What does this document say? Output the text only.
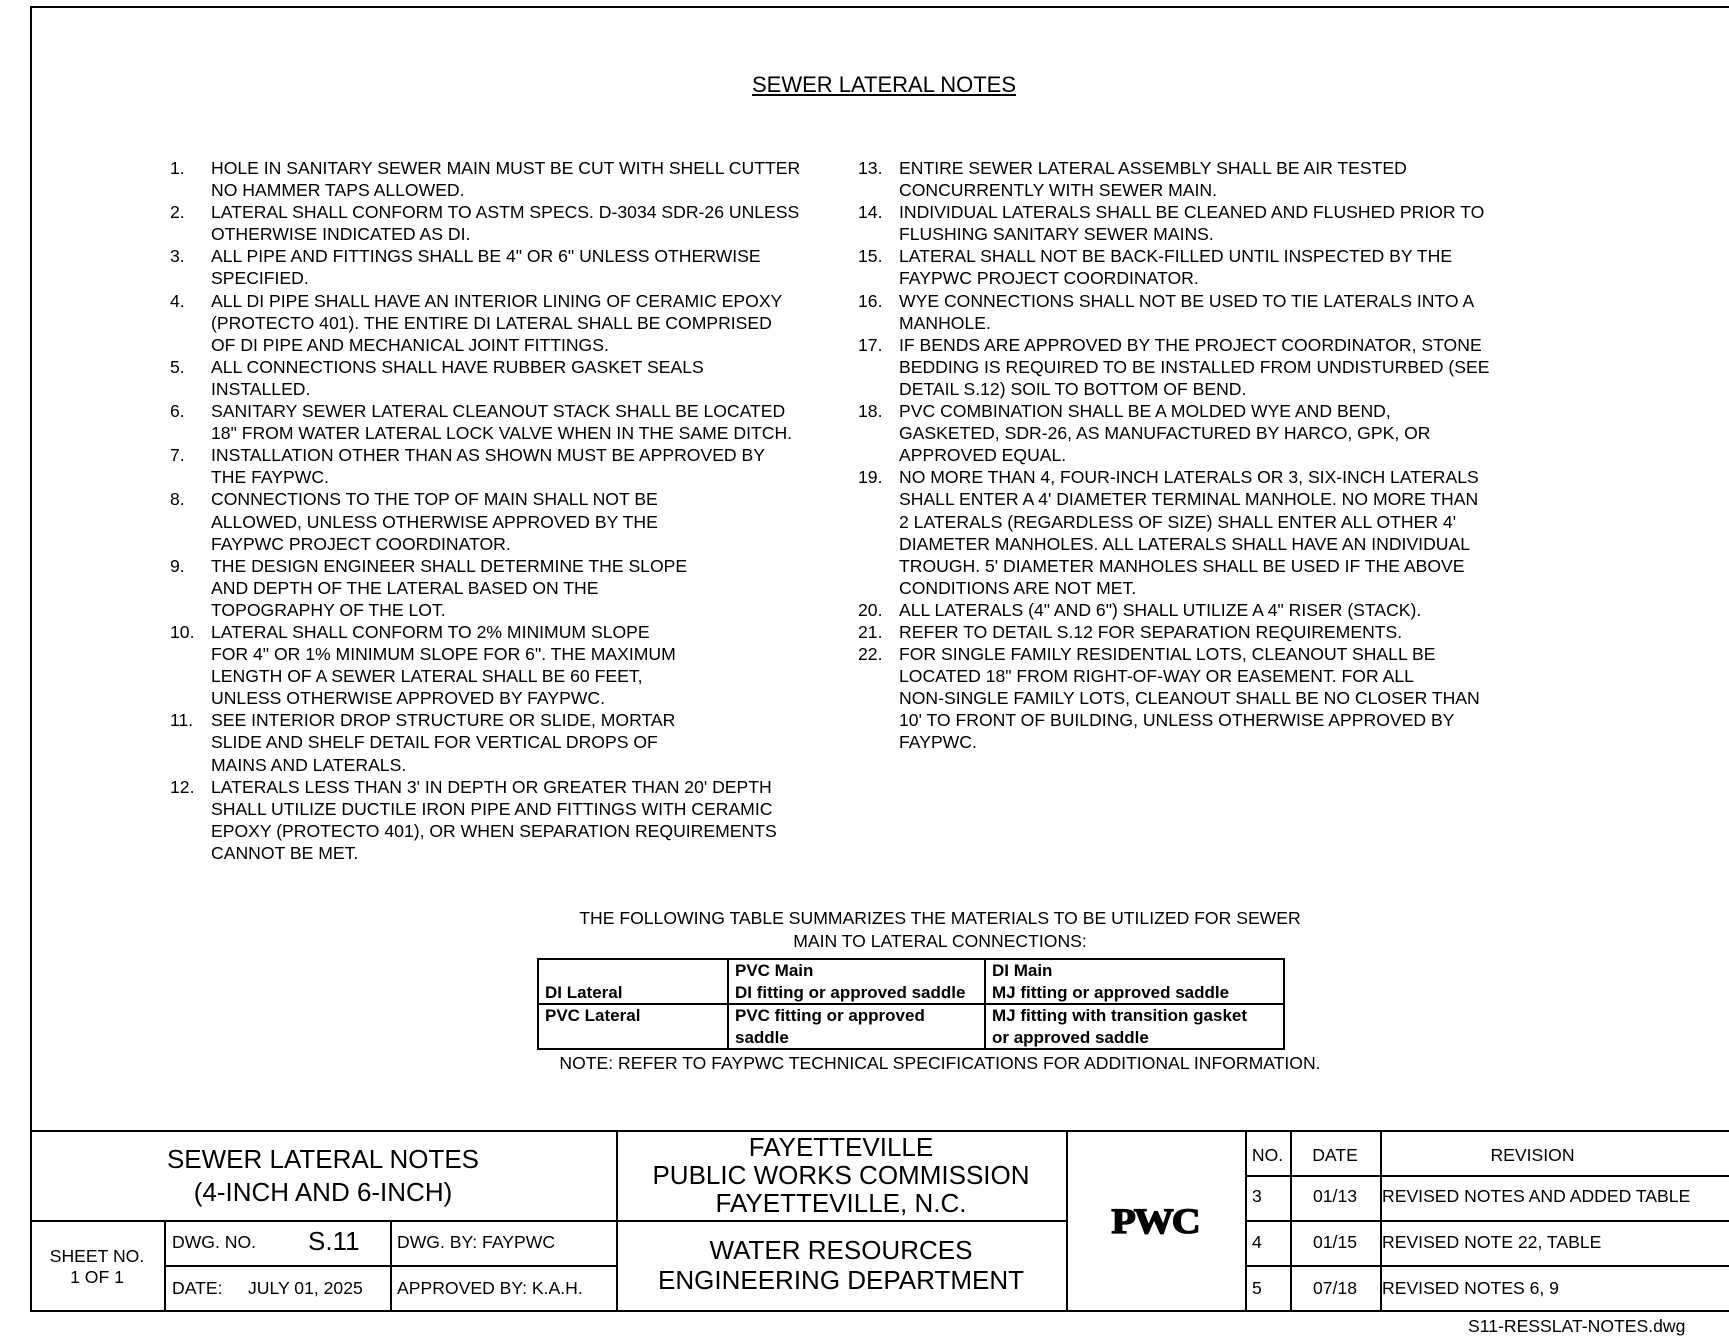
SEWER LATERAL NOTES
1.	HOLE IN SANITARY SEWER MAIN MUST BE CUT WITH SHELL CUTTER
NO HAMMER TAPS ALLOWED.
2.	LATERAL SHALL CONFORM TO ASTM SPECS. D-3034 SDR-26 UNLESS
OTHERWISE INDICATED AS DI.
3.	ALL PIPE AND FITTINGS SHALL BE 4" OR 6" UNLESS OTHERWISE
SPECIFIED.
4.	ALL DI PIPE SHALL HAVE AN INTERIOR LINING OF CERAMIC EPOXY
(PROTECTO 401). THE ENTIRE DI LATERAL SHALL BE COMPRISED
OF DI PIPE AND MECHANICAL JOINT FITTINGS.
5.	ALL CONNECTIONS SHALL HAVE RUBBER GASKET SEALS
INSTALLED.
6.	SANITARY SEWER LATERAL CLEANOUT STACK SHALL BE LOCATED
18" FROM WATER LATERAL LOCK VALVE WHEN IN THE SAME DITCH.
7.	INSTALLATION OTHER THAN AS SHOWN MUST BE APPROVED BY
THE FAYPWC.
8.	CONNECTIONS TO THE TOP OF MAIN SHALL NOT BE
ALLOWED, UNLESS OTHERWISE APPROVED BY THE
FAYPWC PROJECT COORDINATOR.
9.	THE DESIGN ENGINEER SHALL DETERMINE THE SLOPE
AND DEPTH OF THE LATERAL BASED ON THE
TOPOGRAPHY OF THE LOT.
10. LATERAL SHALL CONFORM TO 2% MINIMUM SLOPE
FOR 4" OR 1% MINIMUM SLOPE FOR 6". THE MAXIMUM
LENGTH OF A SEWER LATERAL SHALL BE 60 FEET,
UNLESS OTHERWISE APPROVED BY FAYPWC.
11.	SEE INTERIOR DROP STRUCTURE OR SLIDE, MORTAR
SLIDE AND SHELF DETAIL FOR VERTICAL DROPS OF
MAINS AND LATERALS.
12. LATERALS LESS THAN 3' IN DEPTH OR GREATER THAN 20' DEPTH
SHALL UTILIZE DUCTILE IRON PIPE AND FITTINGS WITH CERAMIC
EPOXY (PROTECTO 401), OR WHEN SEPARATION REQUIREMENTS
CANNOT BE MET.
13. ENTIRE SEWER LATERAL ASSEMBLY SHALL BE AIR TESTED
CONCURRENTLY WITH SEWER MAIN.
14. INDIVIDUAL LATERALS SHALL BE CLEANED AND FLUSHED PRIOR TO
FLUSHING SANITARY SEWER MAINS.
15. LATERAL SHALL NOT BE BACK-FILLED UNTIL INSPECTED BY THE
FAYPWC PROJECT COORDINATOR.
16. WYE CONNECTIONS SHALL NOT BE USED TO TIE LATERALS INTO A
MANHOLE.
17. IF BENDS ARE APPROVED BY THE PROJECT COORDINATOR, STONE
BEDDING IS REQUIRED TO BE INSTALLED FROM UNDISTURBED (SEE
DETAIL S.12) SOIL TO BOTTOM OF BEND.
18. PVC COMBINATION SHALL BE A MOLDED WYE AND BEND,
GASKETED, SDR-26, AS MANUFACTURED BY HARCO, GPK, OR
APPROVED EQUAL.
19. NO MORE THAN 4, FOUR-INCH LATERALS OR 3, SIX-INCH LATERALS
SHALL ENTER A 4' DIAMETER TERMINAL MANHOLE. NO MORE THAN
2 LATERALS (REGARDLESS OF SIZE) SHALL ENTER ALL OTHER 4'
DIAMETER MANHOLES. ALL LATERALS SHALL HAVE AN INDIVIDUAL
TROUGH. 5' DIAMETER MANHOLES SHALL BE USED IF THE ABOVE
CONDITIONS ARE NOT MET.
20. ALL LATERALS (4" AND 6") SHALL UTILIZE A 4" RISER (STACK).
21. REFER TO DETAIL S.12 FOR SEPARATION REQUIREMENTS.
22. FOR SINGLE FAMILY RESIDENTIAL LOTS, CLEANOUT SHALL BE
LOCATED 18" FROM RIGHT-OF-WAY OR EASEMENT. FOR ALL
NON-SINGLE FAMILY LOTS, CLEANOUT SHALL BE NO CLOSER THAN
10' TO FRONT OF BUILDING, UNLESS OTHERWISE APPROVED BY
FAYPWC.
THE FOLLOWING TABLE SUMMARIZES THE MATERIALS TO BE UTILIZED FOR SEWER
MAIN TO LATERAL CONNECTIONS:
	PVC Main	DI Main
DI Lateral	DI fitting or approved saddle	MJ fitting or approved saddle
PVC Lateral	PVC fitting or approved saddle	MJ fitting with transition gasket
or approved saddle
NOTE: REFER TO FAYPWC TECHNICAL SPECIFICATIONS FOR ADDITIONAL INFORMATION.
SEWER LATERAL NOTES
(4-INCH AND 6-INCH)
FAYETTEVILLE
PUBLIC WORKS COMMISSION
FAYETTEVILLE, N.C.
WATER RESOURCES
ENGINEERING DEPARTMENT
SHEET NO.
1 OF 1
DWG. NO. S.11 DWG. BY: FAYPWC
DATE: JULY 01, 2025 APPROVED BY: K.A.H.
PWC
NO.	DATE	REVISION
3	01/13	REVISED NOTES AND ADDED TABLE
4	01/15	REVISED NOTE 22, TABLE
5	07/18	REVISED NOTES 6, 9
S11-RESSLAT-NOTES.dwg
